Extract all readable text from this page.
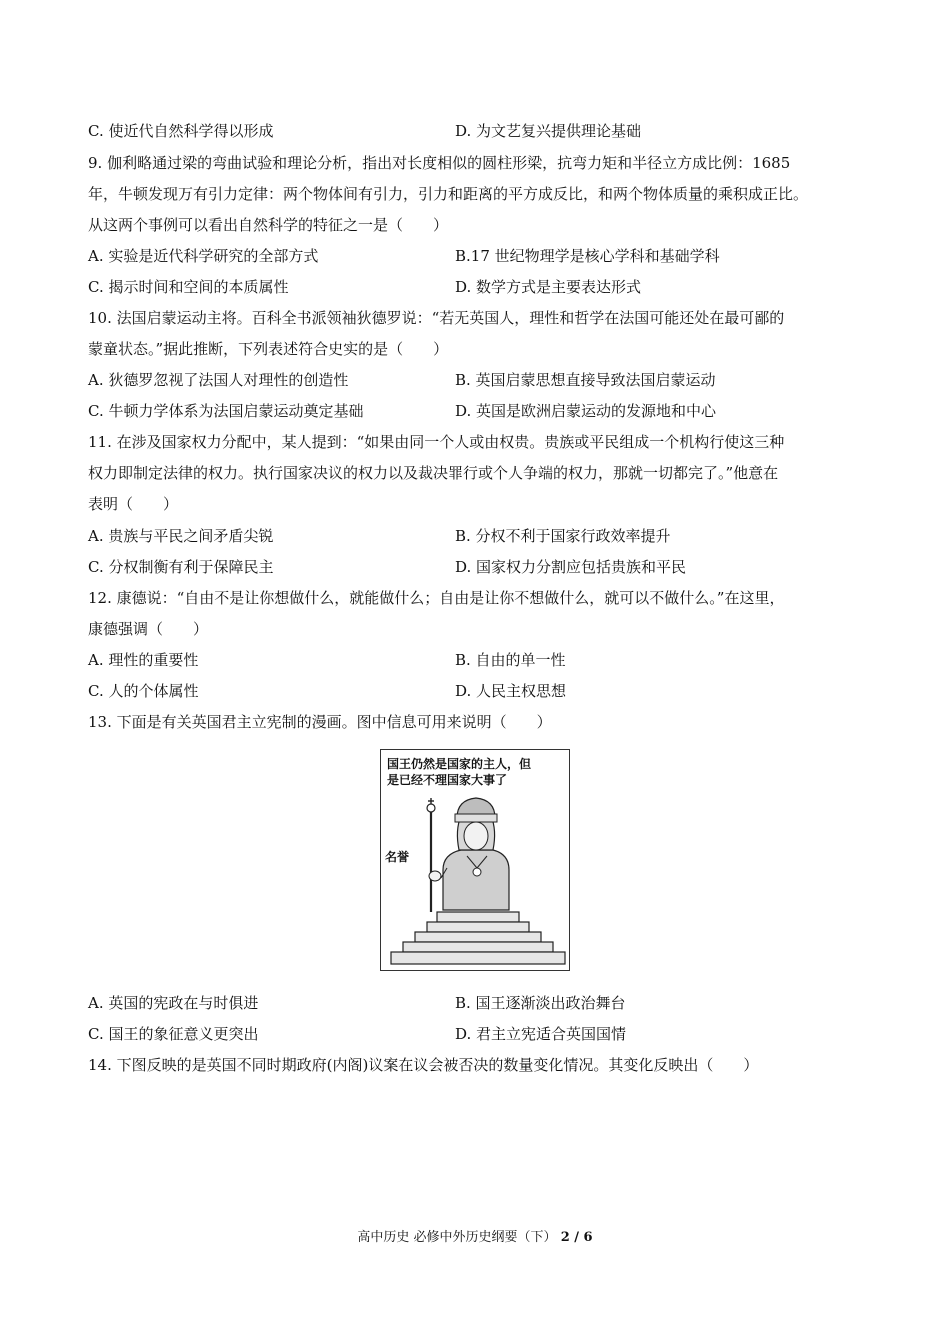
C. 使近代自然科学得以形成	D. 为文艺复兴提供理论基础
9. 伽利略通过梁的弯曲试验和理论分析，指出对长度相似的圆柱形梁，抗弯力矩和半径立方成比例：1685
年，牛顿发现万有引力定律：两个物体间有引力，引力和距离的平方成反比，和两个物体质量的乘积成正比。
从这两个事例可以看出自然科学的特征之一是（　　）
A. 实验是近代科学研究的全部方式	B.17 世纪物理学是核心学科和基础学科
C. 揭示时间和空间的本质属性	D. 数学方式是主要表达形式
10. 法国启蒙运动主将。百科全书派领袖狄德罗说：“若无英国人，理性和哲学在法国可能还处在最可鄙的
蒙童状态。”据此推断，下列表述符合史实的是（　　）
A. 狄德罗忽视了法国人对理性的创造性	B. 英国启蒙思想直接导致法国启蒙运动
C. 牛顿力学体系为法国启蒙运动奠定基础	D. 英国是欧洲启蒙运动的发源地和中心
11. 在涉及国家权力分配中，某人提到：“如果由同一个人或由权贵。贵族或平民组成一个机构行使这三种
权力即制定法律的权力。执行国家决议的权力以及裁决罪行或个人争端的权力，那就一切都完了。”他意在
表明（　　）
A. 贵族与平民之间矛盾尖锐	B. 分权不利于国家行政效率提升
C. 分权制衡有利于保障民主	D. 国家权力分割应包括贵族和平民
12. 康德说：“自由不是让你想做什么，就能做什么；自由是让你不想做什么，就可以不做什么。”在这里，
康德强调（　　）
A. 理性的重要性	B. 自由的单一性
C. 人的个体属性	D. 人民主权思想
13. 下面是有关英国君主立宪制的漫画。图中信息可用来说明（　　）
国王仍然是国家的主人，但
是已经不理国家大事了
名誉
A. 英国的宪政在与时俱进	B. 国王逐渐淡出政治舞台
C. 国王的象征意义更突出	D. 君主立宪适合英国国情
14. 下图反映的是英国不同时期政府(内阁)议案在议会被否决的数量变化情况。其变化反映出（　　）
高中历史 必修中外历史纲要（下） 2 / 6
